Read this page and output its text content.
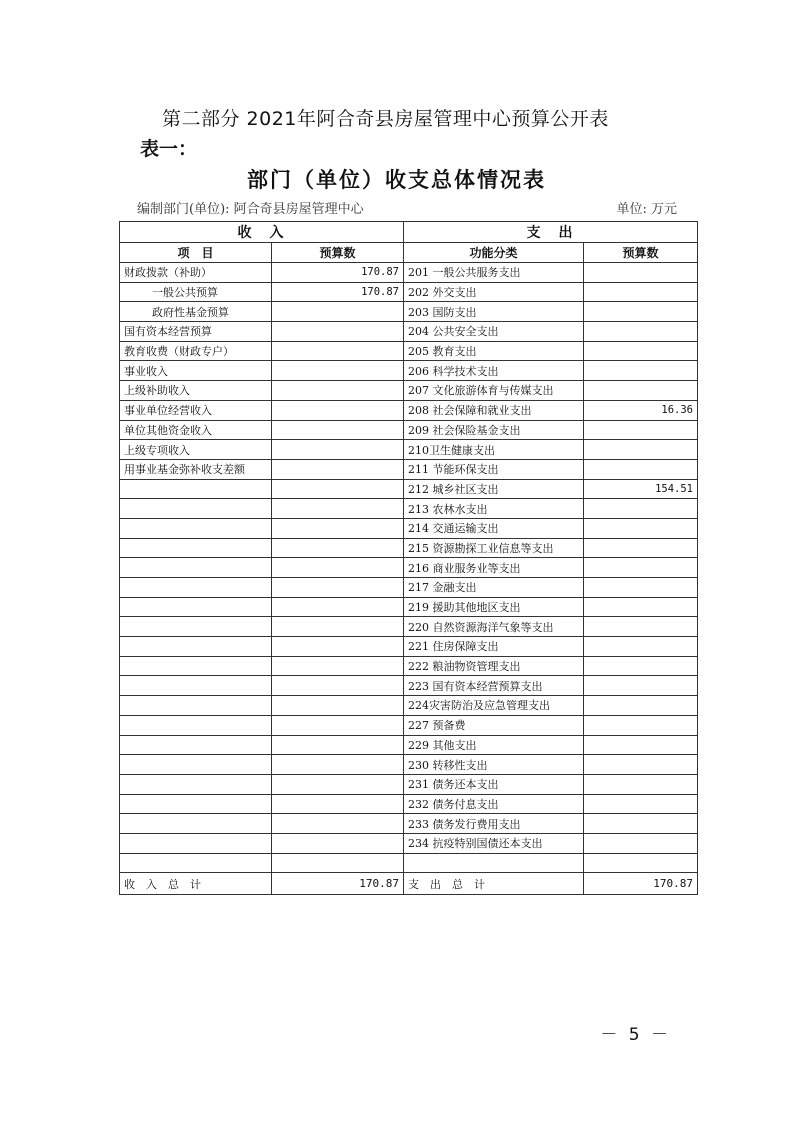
第二部分 2021年阿合奇县房屋管理中心预算公开表
表一：
部门（单位）收支总体情况表
编制部门(单位): 阿合奇县房屋管理中心	单位: 万元
收　入		支　出	
项　目	预算数	功能分类	预算数
财政拨款（补助）	170.87	201 一般公共服务支出	
一般公共预算	170.87	202 外交支出	
政府性基金预算		203 国防支出	
国有资本经营预算		204 公共安全支出	
教育收费（财政专户）		205 教育支出	
事业收入		206 科学技术支出	
上级补助收入		207 文化旅游体育与传媒支出	
事业单位经营收入		208 社会保障和就业支出	16.36
单位其他资金收入		209 社会保险基金支出	
上级专项收入		210卫生健康支出	
用事业基金弥补收支差额		211 节能环保支出	
		212 城乡社区支出	154.51
		213 农林水支出	
		214 交通运输支出	
		215 资源勘探工业信息等支出	
		216 商业服务业等支出	
		217 金融支出	
		219 援助其他地区支出	
		220 自然资源海洋气象等支出	
		221 住房保障支出	
		222 粮油物资管理支出	
		223 国有资本经营预算支出	
		224灾害防治及应急管理支出	
		227 预备费	
		229 其他支出	
		230 转移性支出	
		231 债务还本支出	
		232 债务付息支出	
		233 债务发行费用支出	
		234 抗疫特别国债还本支出	

收　入　总　计	170.87	支　出　总　计	170.87
－ 5 －
